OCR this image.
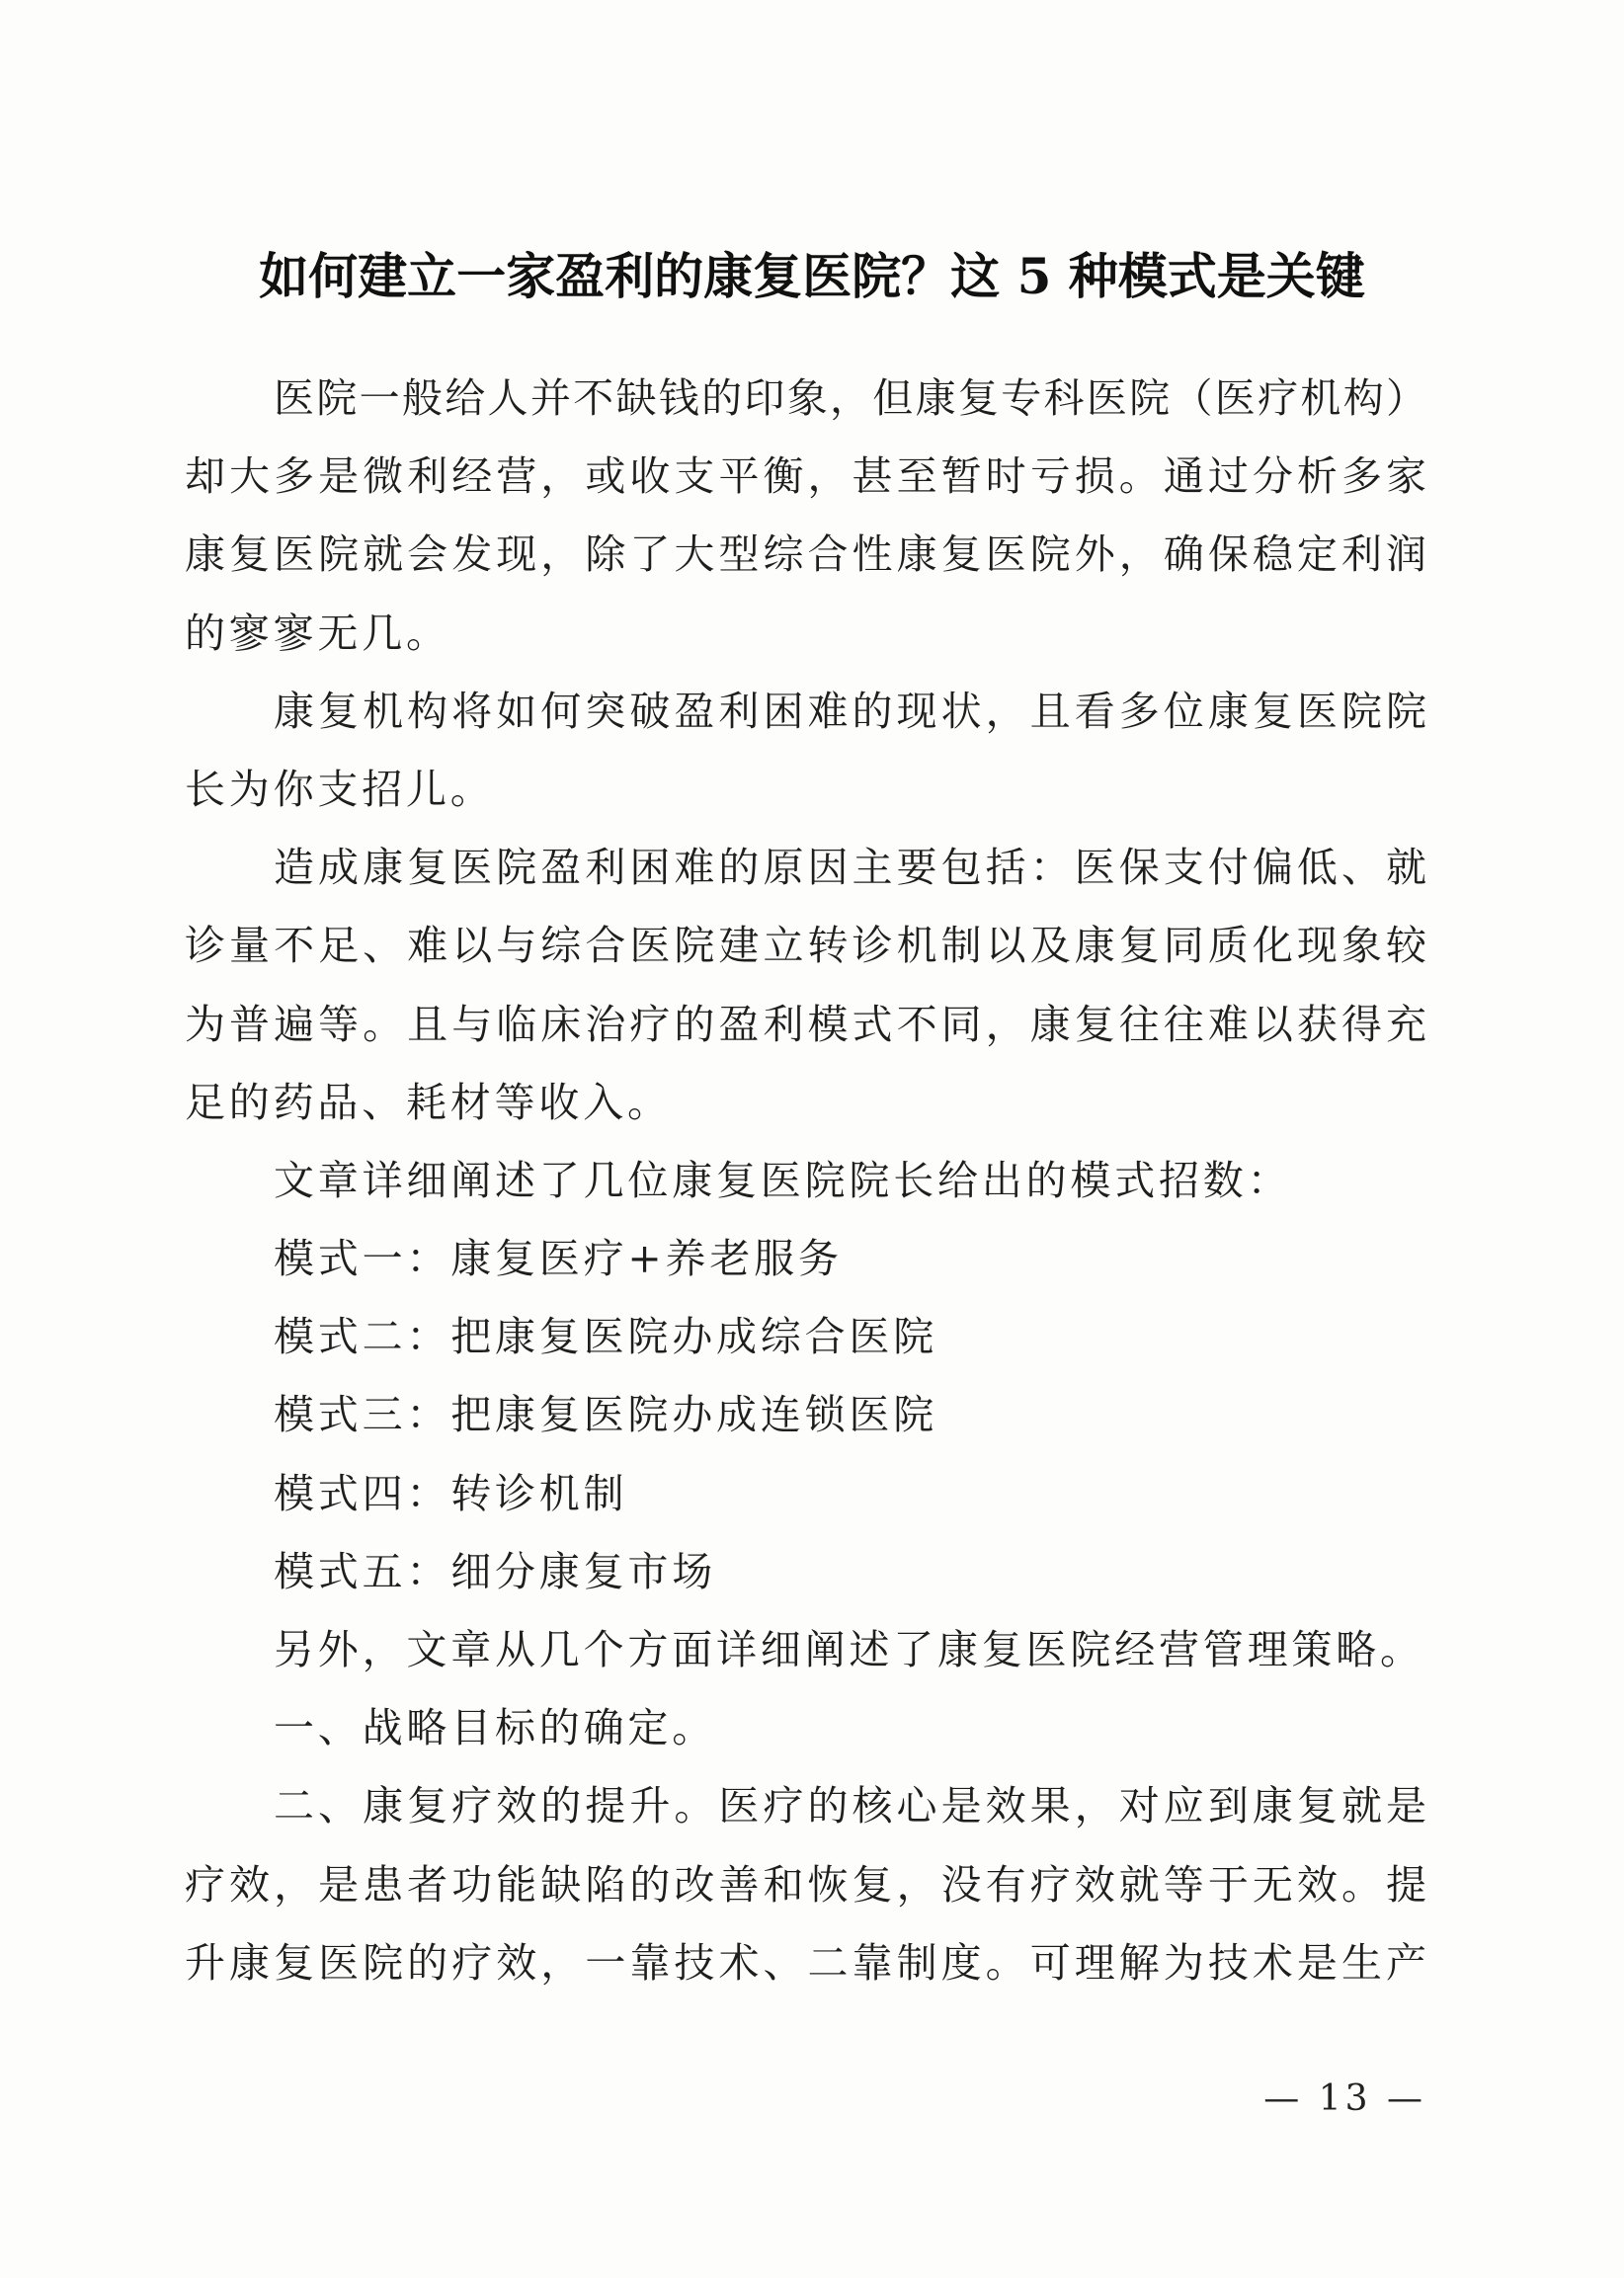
如何建立一家盈利的康复医院？这 5 种模式是关键
医院一般给人并不缺钱的印象，但康复专科医院（医疗机构）
却大多是微利经营，或收支平衡，甚至暂时亏损。通过分析多家
康复医院就会发现，除了大型综合性康复医院外，确保稳定利润
的寥寥无几。
康复机构将如何突破盈利困难的现状，且看多位康复医院院
长为你支招儿。
造成康复医院盈利困难的原因主要包括：医保支付偏低、就
诊量不足、难以与综合医院建立转诊机制以及康复同质化现象较
为普遍等。且与临床治疗的盈利模式不同，康复往往难以获得充
足的药品、耗材等收入。
文章详细阐述了几位康复医院院长给出的模式招数：
模式一：康复医疗+养老服务
模式二：把康复医院办成综合医院
模式三：把康复医院办成连锁医院
模式四：转诊机制
模式五：细分康复市场
另外，文章从几个方面详细阐述了康复医院经营管理策略。
一、战略目标的确定。
二、康复疗效的提升。医疗的核心是效果，对应到康复就是
疗效，是患者功能缺陷的改善和恢复，没有疗效就等于无效。提
升康复医院的疗效，一靠技术、二靠制度。可理解为技术是生产
— 13 —
